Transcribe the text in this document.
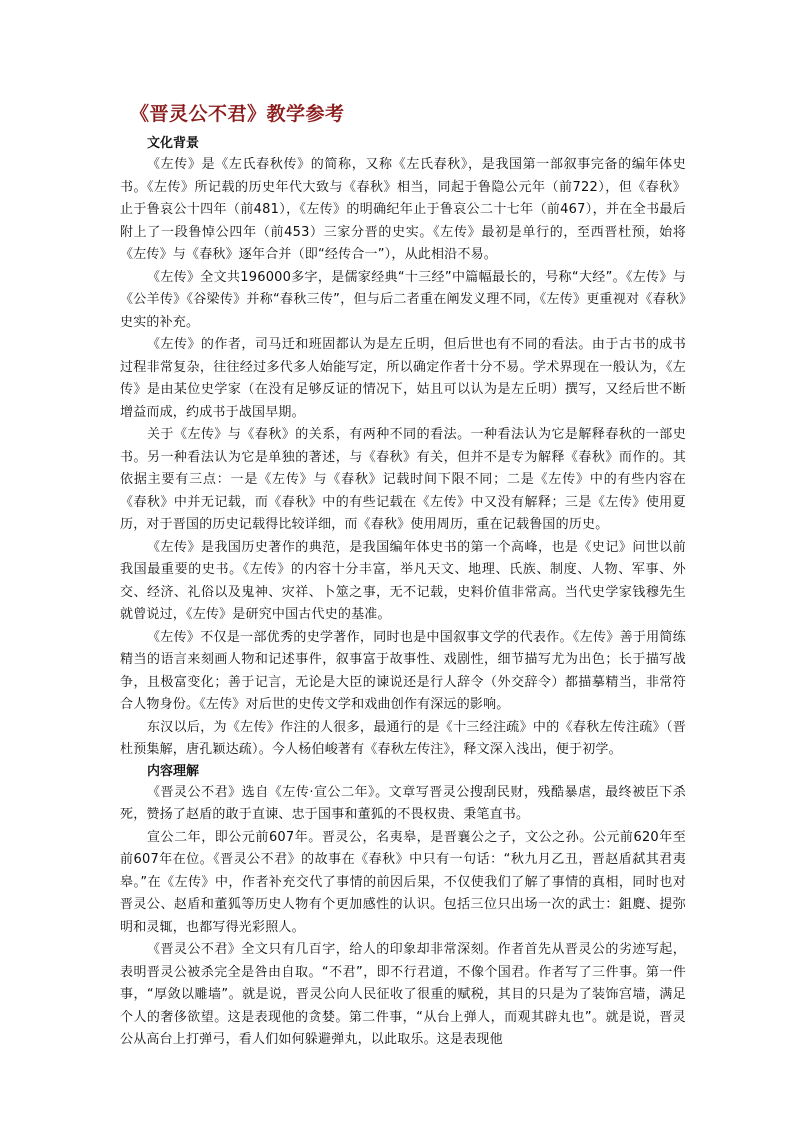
《晋灵公不君》教学参考
文化背景

《左传》是《左氏春秋传》的简称，又称《左氏春秋》，是我国第一部叙事完备的编年体史书。《左传》所记载的历史年代大致与《春秋》相当，同起于鲁隐公元年（前722），但《春秋》止于鲁哀公十四年（前481），《左传》的明确纪年止于鲁哀公二十七年（前467），并在全书最后附上了一段鲁悼公四年（前453）三家分晋的史实。《左传》最初是单行的，至西晋杜预，始将《左传》与《春秋》逐年合并（即“经传合一”），从此相沿不易。

《左传》全文共196000多字，是儒家经典“十三经”中篇幅最长的，号称“大经”。《左传》与《公羊传》《谷梁传》并称“春秋三传”，但与后二者重在阐发义理不同，《左传》更重视对《春秋》史实的补充。

《左传》的作者，司马迁和班固都认为是左丘明，但后世也有不同的看法。由于古书的成书过程非常复杂，往往经过多代多人始能写定，所以确定作者十分不易。学术界现在一般认为，《左传》是由某位史学家（在没有足够反证的情况下，姑且可以认为是左丘明）撰写，又经后世不断增益而成，约成书于战国早期。

关于《左传》与《春秋》的关系，有两种不同的看法。一种看法认为它是解释春秋的一部史书。另一种看法认为它是单独的著述，与《春秋》有关，但并不是专为解释《春秋》而作的。其依据主要有三点：一是《左传》与《春秋》记载时间下限不同；二是《左传》中的有些内容在《春秋》中并无记载，而《春秋》中的有些记载在《左传》中又没有解释；三是《左传》使用夏历，对于晋国的历史记载得比较详细，而《春秋》使用周历，重在记载鲁国的历史。

《左传》是我国历史著作的典范，是我国编年体史书的第一个高峰，也是《史记》问世以前我国最重要的史书。《左传》的内容十分丰富，举凡天文、地理、氏族、制度、人物、军事、外交、经济、礼俗以及鬼神、灾祥、卜筮之事，无不记载，史料价值非常高。当代史学家钱穆先生就曾说过，《左传》是研究中国古代史的基准。

《左传》不仅是一部优秀的史学著作，同时也是中国叙事文学的代表作。《左传》善于用简练精当的语言来刻画人物和记述事件，叙事富于故事性、戏剧性，细节描写尤为出色；长于描写战争，且极富变化；善于记言，无论是大臣的谏说还是行人辞令（外交辞令）都描摹精当，非常符合人物身份。《左传》对后世的史传文学和戏曲创作有深远的影响。

东汉以后，为《左传》作注的人很多，最通行的是《十三经注疏》中的《春秋左传注疏》（晋杜预集解，唐孔颖达疏）。今人杨伯峻著有《春秋左传注》，释文深入浅出，便于初学。

内容理解

《晋灵公不君》选自《左传·宣公二年》。文章写晋灵公搜刮民财，残酷暴虐，最终被臣下杀死，赞扬了赵盾的敢于直谏、忠于国事和董狐的不畏权贵、秉笔直书。

宣公二年，即公元前607年。晋灵公，名夷皋，是晋襄公之子，文公之孙。公元前620年至前607年在位。《晋灵公不君》的故事在《春秋》中只有一句话：“秋九月乙丑，晋赵盾弑其君夷皋。”在《左传》中，作者补充交代了事情的前因后果，不仅使我们了解了事情的真相，同时也对晋灵公、赵盾和董狐等历史人物有个更加感性的认识。包括三位只出场一次的武士：鉏麑、提弥明和灵辄，也都写得光彩照人。

《晋灵公不君》全文只有几百字，给人的印象却非常深刻。作者首先从晋灵公的劣迹写起，表明晋灵公被杀完全是咎由自取。“不君”，即不行君道，不像个国君。作者写了三件事。第一件事，“厚敛以雕墙”。就是说，晋灵公向人民征收了很重的赋税，其目的只是为了装饰宫墙，满足个人的奢侈欲望。这是表现他的贪婪。第二件事，“从台上弹人，而观其辟丸也”。就是说，晋灵公从高台上打弹弓，看人们如何躲避弹丸，以此取乐。这是表现他
